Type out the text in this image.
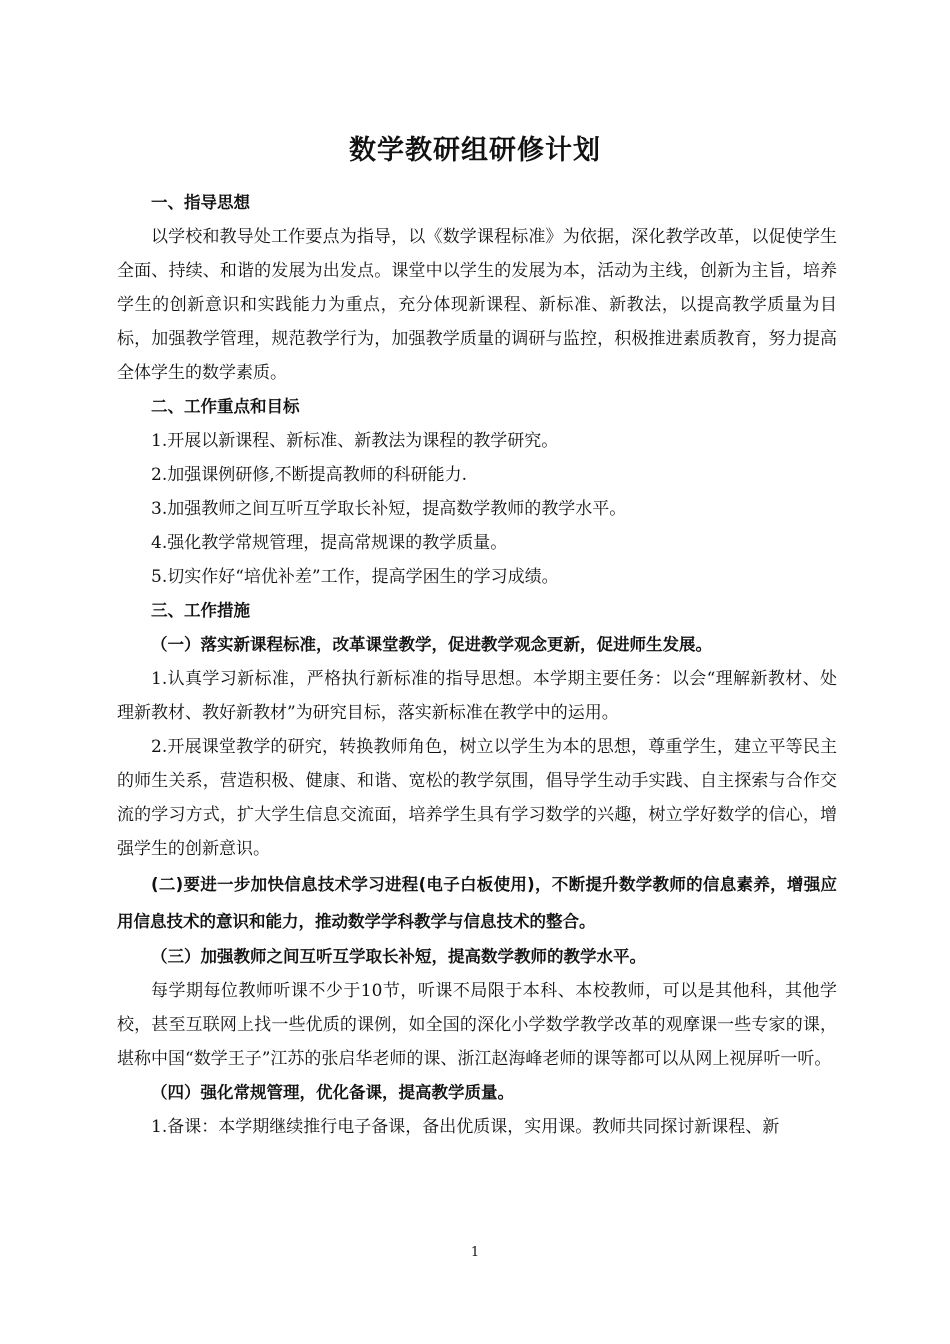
数学教研组研修计划

一、指导思想

以学校和教导处工作要点为指导，以《数学课程标准》为依据，深化教学改革，以促使学生全面、持续、和谐的发展为出发点。课堂中以学生的发展为本，活动为主线，创新为主旨，培养学生的创新意识和实践能力为重点，充分体现新课程、新标准、新教法，以提高教学质量为目标，加强教学管理，规范教学行为，加强教学质量的调研与监控，积极推进素质教育，努力提高全体学生的数学素质。

二、工作重点和目标

1.开展以新课程、新标准、新教法为课程的教学研究。

2.加强课例研修,不断提高教师的科研能力.

3.加强教师之间互听互学取长补短，提高数学教师的教学水平。

4.强化教学常规管理，提高常规课的教学质量。

5.切实作好“培优补差”工作，提高学困生的学习成绩。

三、工作措施

（一）落实新课程标准，改革课堂教学，促进教学观念更新，促进师生发展。

1.认真学习新标准，严格执行新标准的指导思想。本学期主要任务：以会“理解新教材、处理新教材、教好新教材”为研究目标，落实新标准在教学中的运用。

2.开展课堂教学的研究，转换教师角色，树立以学生为本的思想，尊重学生，建立平等民主的师生关系，营造积极、健康、和谐、宽松的教学氛围，倡导学生动手实践、自主探索与合作交流的学习方式，扩大学生信息交流面，培养学生具有学习数学的兴趣，树立学好数学的信心，增强学生的创新意识。

(二)要进一步加快信息技术学习进程(电子白板使用)，不断提升数学教师的信息素养，增强应用信息技术的意识和能力，推动数学学科教学与信息技术的整合。

（三）加强教师之间互听互学取长补短，提高数学教师的教学水平。

每学期每位教师听课不少于10节，听课不局限于本科、本校教师，可以是其他科，其他学校，甚至互联网上找一些优质的课例，如全国的深化小学数学教学改革的观摩课一些专家的课，堪称中国“数学王子”江苏的张启华老师的课、浙江赵海峰老师的课等都可以从网上视屏听一听。

（四）强化常规管理，优化备课，提高教学质量。

1.备课：本学期继续推行电子备课，备出优质课，实用课。教师共同探讨新课程、新

1
